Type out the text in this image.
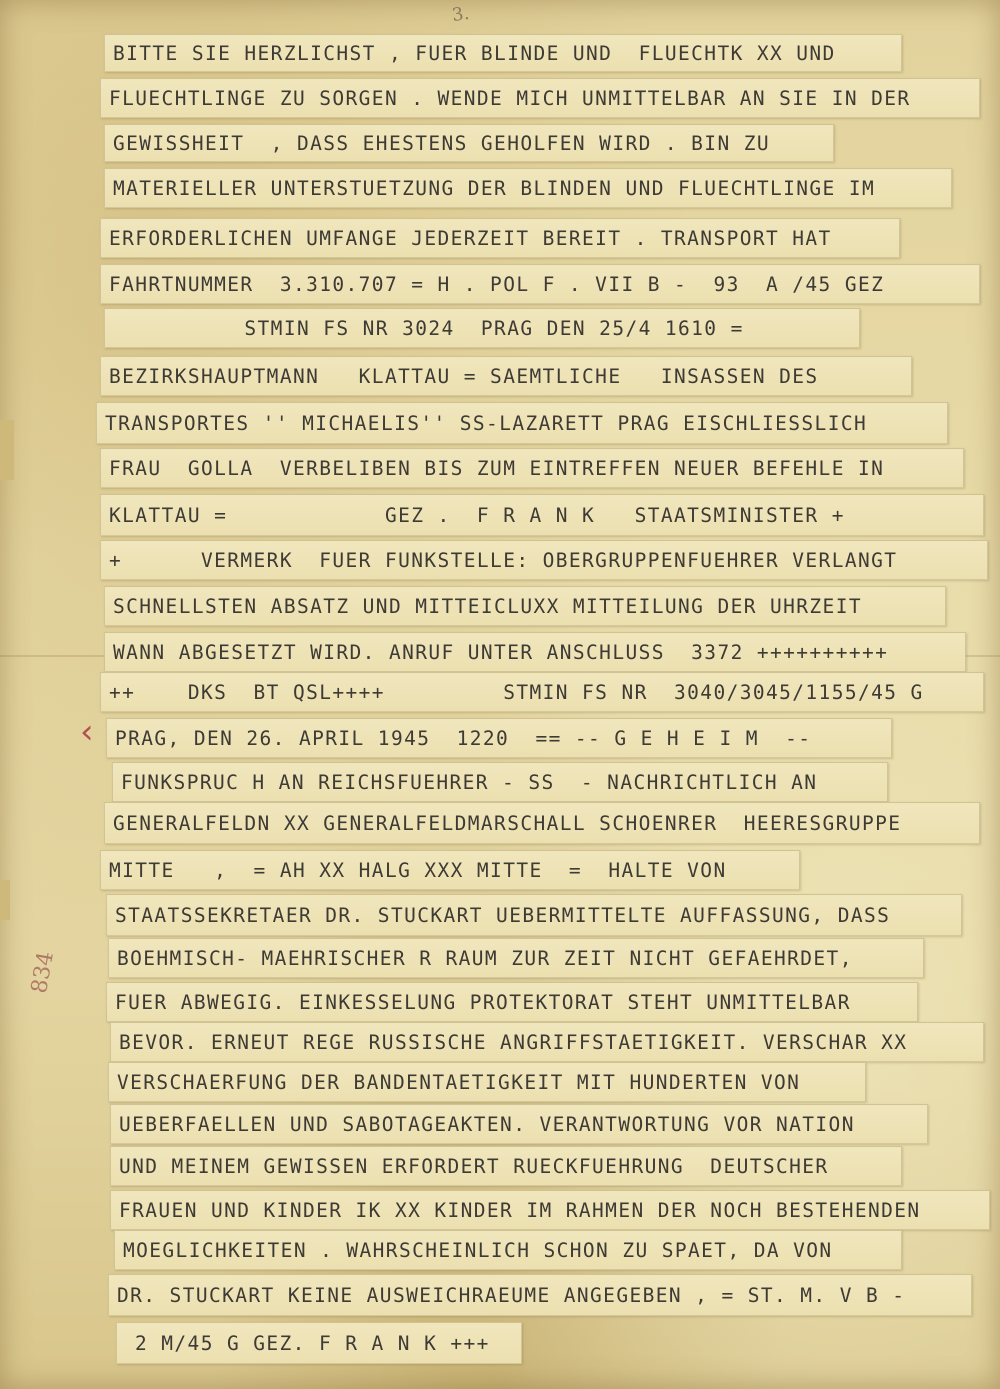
3.
BITTE SIE HERZLICHST , FUER BLINDE UND  FLUECHTK XX UND
FLUECHTLINGE ZU SORGEN . WENDE MICH UNMITTELBAR AN SIE IN DER
GEWISSHEIT  , DASS EHESTENS GEHOLFEN WIRD . BIN ZU
MATERIELLER UNTERSTUETZUNG DER BLINDEN UND FLUECHTLINGE IM
ERFORDERLICHEN UMFANGE JEDERZEIT BEREIT . TRANSPORT HAT
FAHRTNUMMER  3.310.707 = H . POL F . VII B -  93  A /45 GEZ
STMIN FS NR 3024  PRAG DEN 25/4 1610 =
BEZIRKSHAUPTMANN   KLATTAU = SAEMTLICHE   INSASSEN DES
TRANSPORTES '' MICHAELIS'' SS-LAZARETT PRAG EISCHLIESSLICH
FRAU  GOLLA  VERBELIBEN BIS ZUM EINTREFFEN NEUER BEFEHLE IN
KLATTAU =            GEZ .  F R A N K   STAATSMINISTER +
+      VERMERK  FUER FUNKSTELLE: OBERGRUPPENFUEHRER VERLANGT
SCHNELLSTEN ABSATZ UND MITTEICLUXX MITTEILUNG DER UHRZEIT
WANN ABGESETZT WIRD. ANRUF UNTER ANSCHLUSS  3372 ++++++++++
++    DKS  BT QSL++++         STMIN FS NR  3040/3045/1155/45 G
PRAG, DEN 26. APRIL 1945  1220  == -- G E H E I M  --
FUNKSPRUC H AN REICHSFUEHRER - SS  - NACHRICHTLICH AN
GENERALFELDN XX GENERALFELDMARSCHALL SCHOENRER  HEERESGRUPPE
MITTE   ,  = AH XX HALG XXX MITTE  =  HALTE VON
STAATSSEKRETAER DR. STUCKART UEBERMITTELTE AUFFASSUNG, DASS
BOEHMISCH- MAEHRISCHER R RAUM ZUR ZEIT NICHT GEFAEHRDET,
FUER ABWEGIG. EINKESSELUNG PROTEKTORAT STEHT UNMITTELBAR
BEVOR. ERNEUT REGE RUSSISCHE ANGRIFFSTAETIGKEIT. VERSCHAR XX
VERSCHAERFUNG DER BANDENTAETIGKEIT MIT HUNDERTEN VON
UEBERFAELLEN UND SABOTAGEAKTEN. VERANTWORTUNG VOR NATION
UND MEINEM GEWISSEN ERFORDERT RUECKFUEHRUNG  DEUTSCHER
FRAUEN UND KINDER IK XX KINDER IM RAHMEN DER NOCH BESTEHENDEN
MOEGLICHKEITEN . WAHRSCHEINLICH SCHON ZU SPAET, DA VON
DR. STUCKART KEINE AUSWEICHRAEUME ANGEGEBEN , = ST. M. V B -
2 M/45 G GEZ. F R A N K +++
‹
834
